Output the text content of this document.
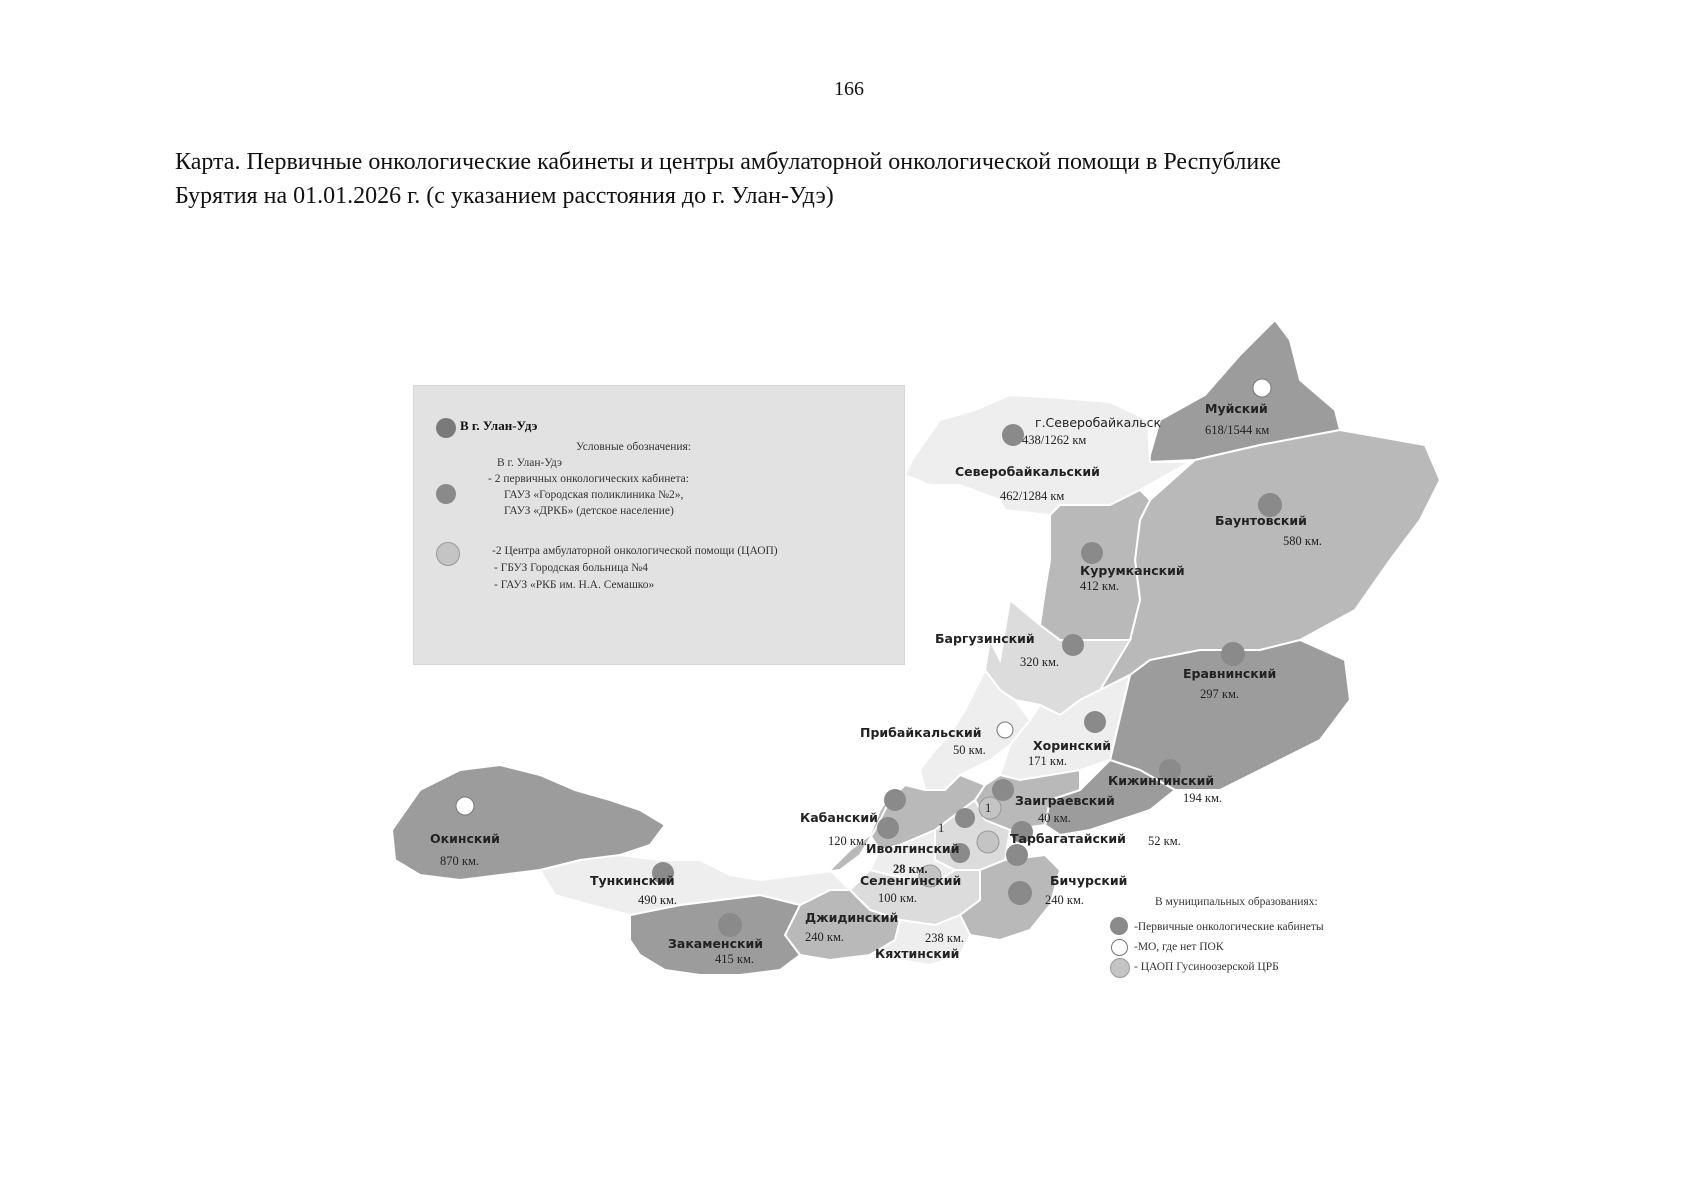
166
Карта. Первичные онкологические кабинеты и центры амбулаторной онкологической помощи в Республике
Бурятия на 01.01.2026 г. (с указанием расстояния до г. Улан-Удэ)
1
1
Муйский
618/1544 км
г.Северобайкальск
438/1262 км
Северобайкальский
462/1284 км
Баунтовский
580 км.
Курумканский
412 км.
Баргузинский
320 км.
Еравнинский
297 км.
Прибайкальский
50 км.	Хоринский
171 км.
Кижингинский
194 км.
Заиграевский
40 км.
Кабанский
120 км.	Тарбагатайский 52 км.
Иволгинский
28 км.
Селенгинский
100 км.
Бичурский
240 км.
Окинский
870 км.
Тункинский
490 км.
Джидинский
240 км.
Закаменский
415 км.	Кяхтинский
238 км.
В г. Улан-Удэ
Условные обозначения:
В г. Улан-Удэ
- 2 первичных онкологических кабинета:
ГАУЗ «Городская поликлиника №2»,
ГАУЗ «ДРКБ» (детское население)
-2 Центра амбулаторной онкологической помощи (ЦАОП)
- ГБУЗ Городская больница №4
- ГАУЗ «РКБ им. Н.А. Семашко»
В муниципальных образованиях:
-Первичные онкологические кабинеты
-МО, где нет ПОК
- ЦАОП Гусиноозерской ЦРБ
